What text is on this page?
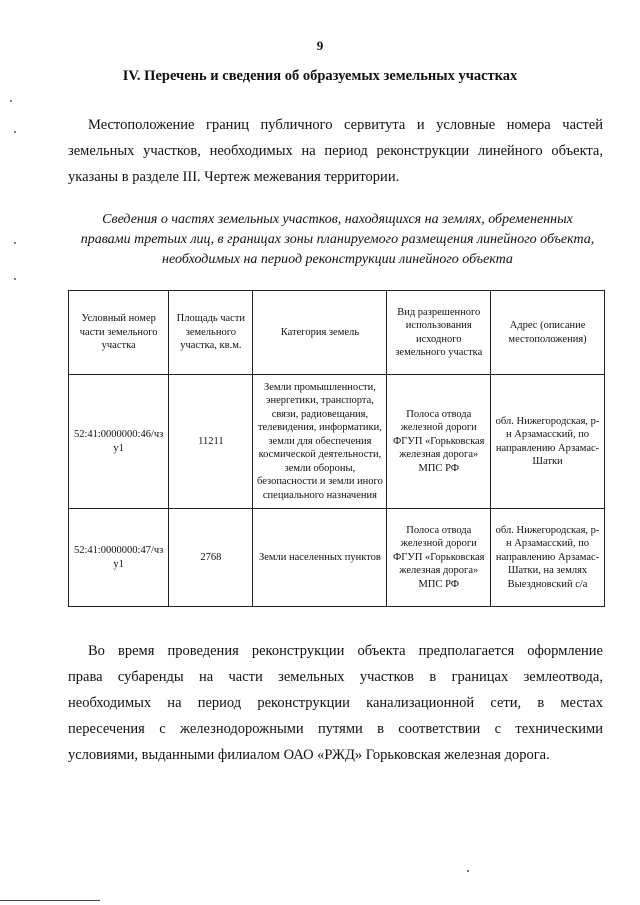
9
IV. Перечень и сведения об образуемых земельных участках
Местоположение границ публичного сервитута и условные номера частей
земельных участков, необходимых на период реконструкции линейного объекта,
указаны в разделе III. Чертеж межевания территории.
Сведения о частях земельных участков, находящихся на землях, обремененных
правами третьих лиц, в границах зоны планируемого размещения линейного объекта,
необходимых на период реконструкции линейного объекта
Условный номер части земельного участка	Площадь части земельного участка, кв.м.	Категория земель	Вид разрешенного использования исходного земельного участка	Адрес (описание местоположения)
52:41:0000000:46/чзу1	11211	Земли промышленности, энергетики, транспорта, связи, радиовещания, телевидения, информатики, земли для обеспечения космической деятельности, земли обороны, безопасности и земли иного специального назначения	Полоса отвода железной дороги ФГУП «Горьковская железная дорога» МПС РФ	обл. Нижегородская, р-н Арзамасский, по направлению Арзамас- Шатки
52:41:0000000:47/чзу1	2768	Земли населенных пунктов	Полоса отвода железной дороги ФГУП «Горьковская железная дорога» МПС РФ	обл. Нижегородская, р-н Арзамасский, по направлению Арзамас-Шатки, на землях Выездновский с/а
Во время проведения реконструкции объекта предполагается оформление
права субаренды на части земельных участков в границах землеотвода,
необходимых на период реконструкции канализационной сети, в местах
пересечения с железнодорожными путями в соответствии с техническими
условиями, выданными филиалом ОАО «РЖД» Горьковская железная дорога.
